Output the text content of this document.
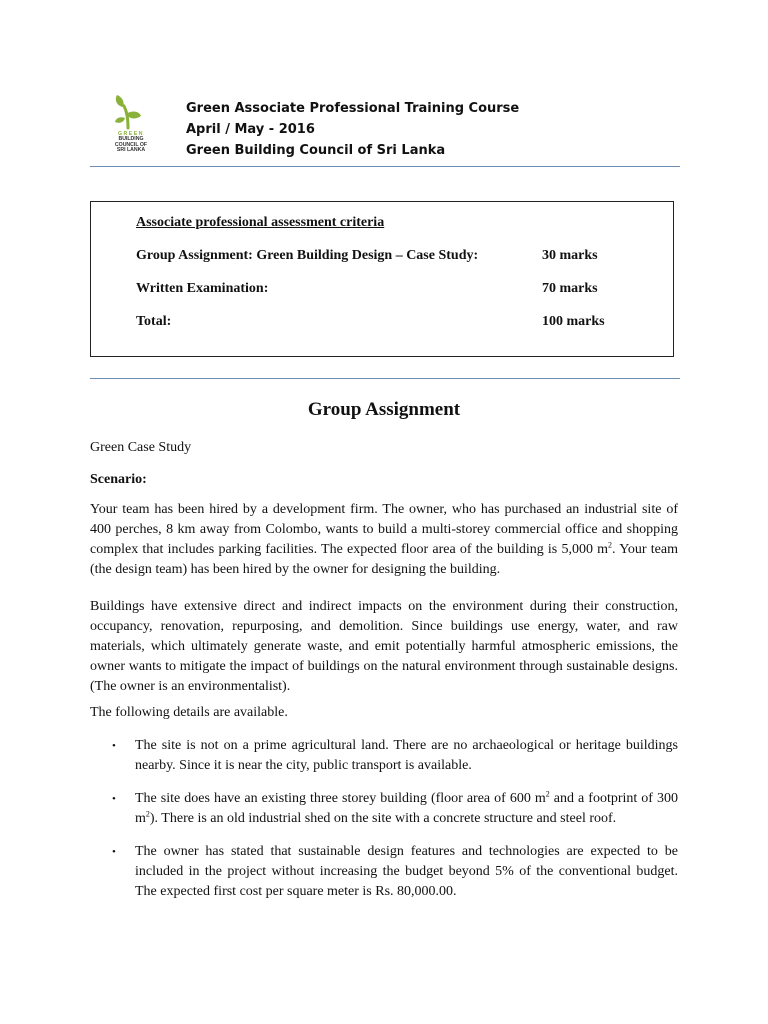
GREEN
BUILDING
COUNCIL OF
SRI LANKA
Green Associate Professional Training Course
April / May - 2016
Green Building Council of Sri Lanka
Associate professional assessment criteria
Group Assignment: Green Building Design – Case Study:	30 marks
Written Examination:	70 marks
Total:	100 marks
Group Assignment
Green Case Study
Scenario:
Your team has been hired by a development firm. The owner, who has purchased an industrial site of 400 perches, 8 km away from Colombo, wants to build a multi-storey commercial office and shopping complex that includes parking facilities. The expected floor area of the building is 5,000 $m^2$. Your team (the design team) has been hired by the owner for designing the building.
Buildings have extensive direct and indirect impacts on the environment during their construction, occupancy, renovation, repurposing, and demolition. Since buildings use energy, water, and raw materials, which ultimately generate waste, and emit potentially harmful atmospheric emissions, the owner wants to mitigate the impact of buildings on the natural environment through sustainable designs. (The owner is an environmentalist).
The following details are available.
• The site is not on a prime agricultural land. There are no archaeological or heritage buildings nearby. Since it is near the city, public transport is available.
• The site does have an existing three storey building (floor area of 600 $m^2$ and a footprint of 300 $m^2$). There is an old industrial shed on the site with a concrete structure and steel roof.
• The owner has stated that sustainable design features and technologies are expected to be included in the project without increasing the budget beyond 5% of the conventional budget. The expected first cost per square meter is Rs. 80,000.00.
